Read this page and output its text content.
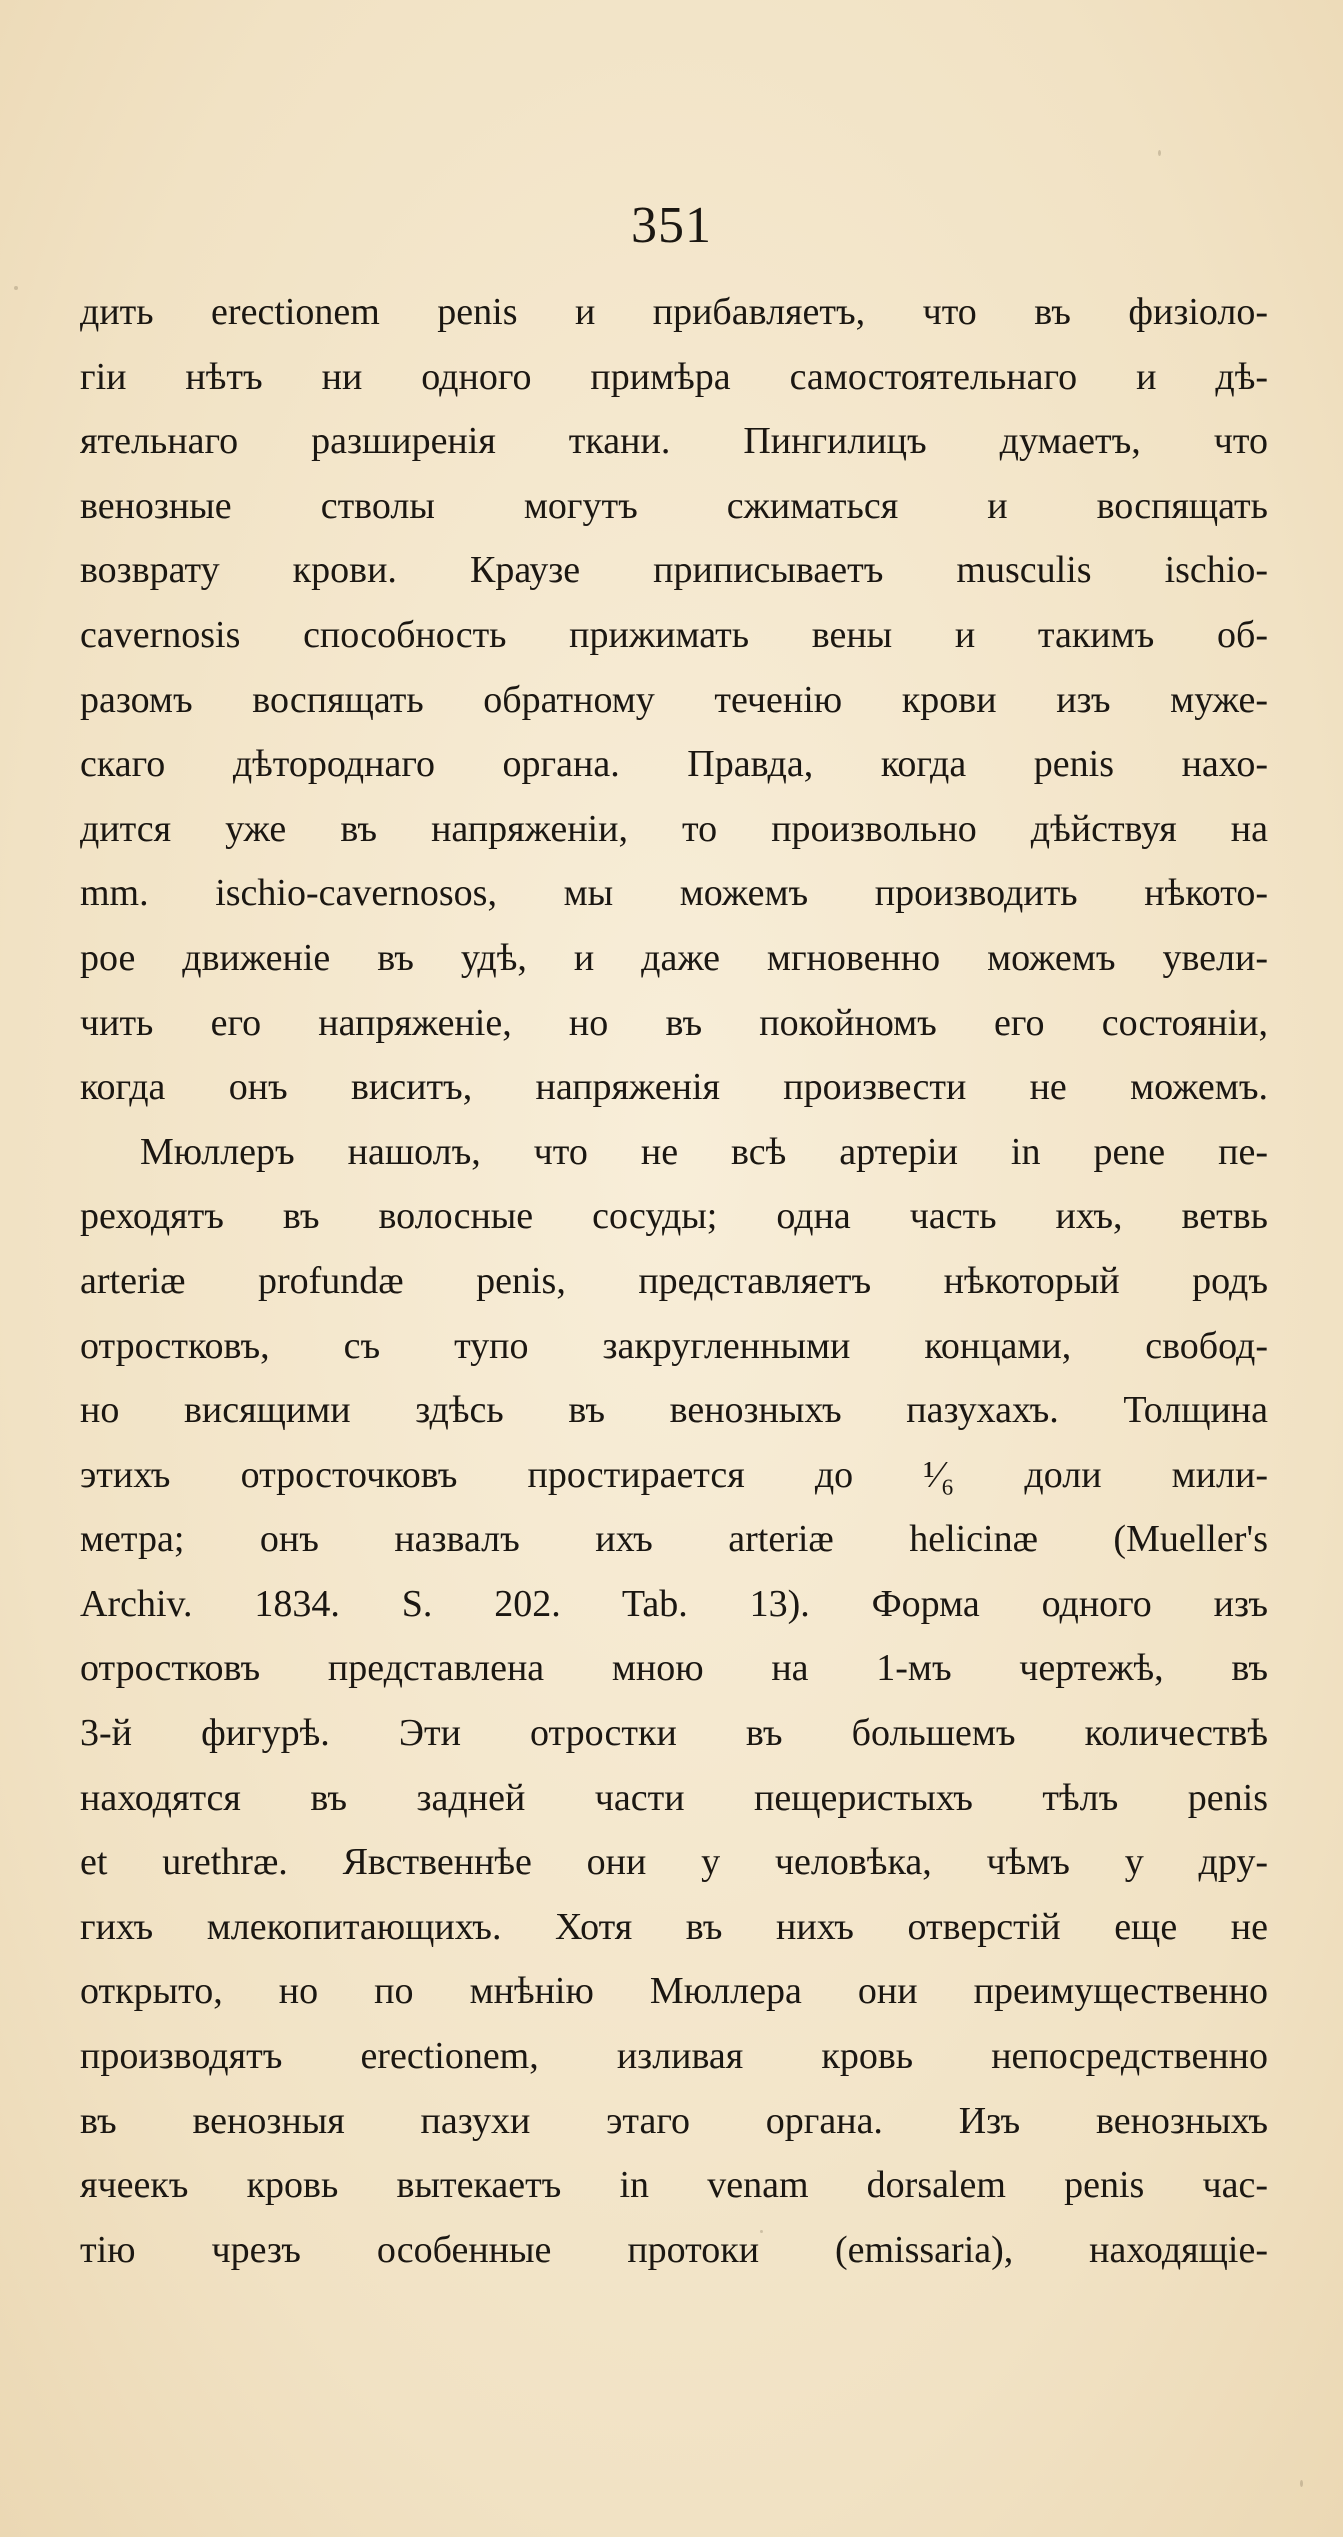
351
дить erectionem penis и прибавляетъ, что въ физiоло-
гiи нѣтъ ни одного примѣра самостоятельнаго и дѣ-
ятельнаго разширенiя ткани. Пингилицъ думаетъ, что
венозные стволы могутъ сжиматься и воспящать
возврату крови. Краузе приписываетъ musculis ischio-
cavernosis способность прижимать вены и такимъ об-
разомъ воспящать обратному теченiю крови изъ муже-
скаго дѣтороднаго органа. Правда, когда penis нахо-
дится уже въ напряженiи, то произвольно дѣйствуя на
mm. ischio-cavernosos, мы можемъ производить нѣкото-
рое движенiе въ удѣ, и даже мгновенно можемъ увели-
чить его напряженiе, но въ покойномъ его состоянiи,
когда онъ виситъ, напряженiя произвести не можемъ.
Мюллеръ нашолъ, что не всѣ артерiи in pene пе-
реходятъ въ волосные сосуды; одна часть ихъ, ветвь
arteriæ profundæ penis, представляетъ нѣкоторый родъ
отростковъ, съ тупо закругленными концами, свобод-
но висящими здѣсь въ венозныхъ пазухахъ. Толщина
этихъ отросточковъ простирается до ¹⁄₆ доли мили-
метра; онъ назвалъ ихъ arteriæ helicinæ (Mueller's
Archiv. 1834. S. 202. Tab. 13). Форма одного изъ
отростковъ представлена мною на 1-мъ чертежѣ, въ
3-й фигурѣ. Эти отростки въ большемъ количествѣ
находятся въ задней части пещеристыхъ тѣлъ penis
et urethræ. Явственнѣе они у человѣка, чѣмъ у дру-
гихъ млекопитающихъ. Хотя въ нихъ отверстiй еще не
открыто, но по мнѣнiю Мюллера они преимущественно
производятъ erectionem, изливая кровь непосредственно
въ венозныя пазухи этаго органа. Изъ венозныхъ
ячеекъ кровь вытекаетъ in venam dorsalem penis час-
тiю чрезъ особенные протоки (emissaria), находящiе-
